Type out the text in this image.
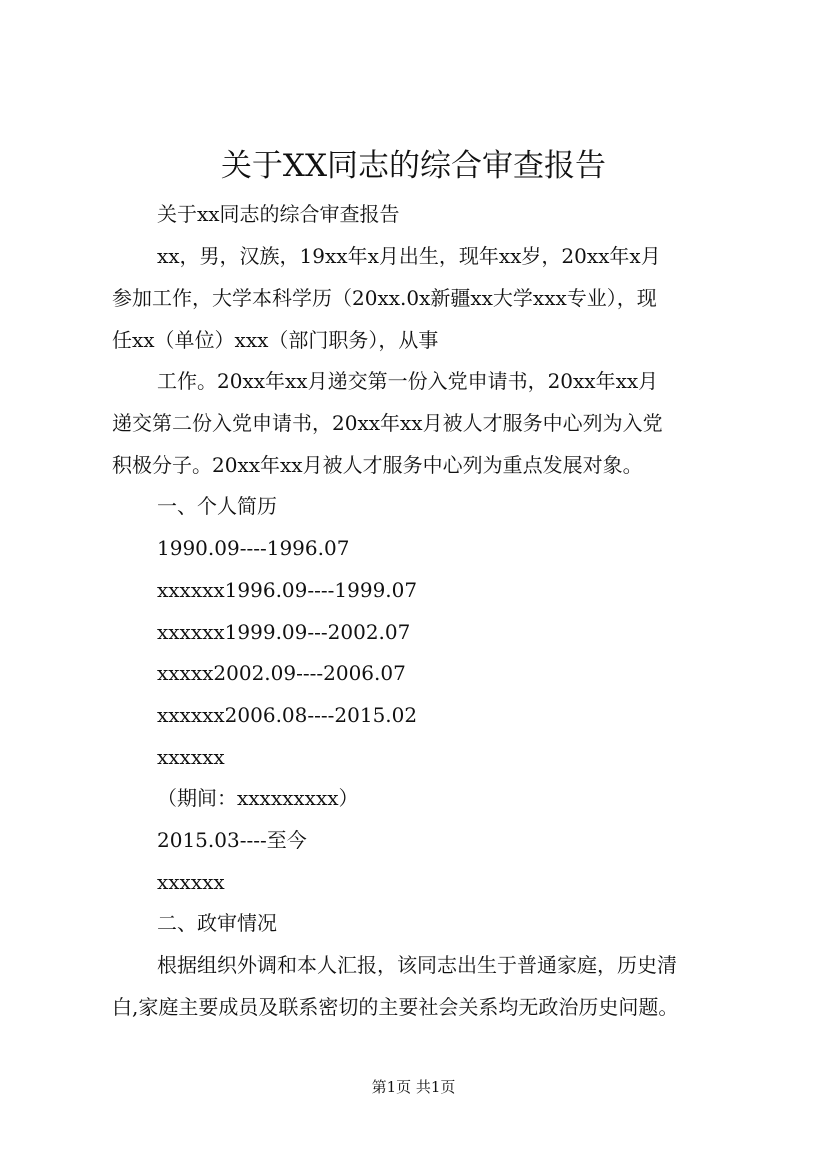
关于XX同志的综合审查报告
关于xx同志的综合审查报告
xx，男，汉族，19xx年x月出生，现年xx岁，20xx年x月
参加工作，大学本科学历（20xx.0x新疆xx大学xxx专业），现
任xx（单位）xxx（部门职务），从事
工作。20xx年xx月递交第一份入党申请书，20xx年xx月
递交第二份入党申请书，20xx年xx月被人才服务中心列为入党
积极分子。20xx年xx月被人才服务中心列为重点发展对象。
一、个人简历
1990.09----1996.07
xxxxxx1996.09----1999.07
xxxxxx1999.09---2002.07
xxxxx2002.09----2006.07
xxxxxx2006.08----2015.02
xxxxxx
（期间：xxxxxxxxx）
2015.03----至今
xxxxxx
二、政审情况
根据组织外调和本人汇报，该同志出生于普通家庭，历史清
白,家庭主要成员及联系密切的主要社会关系均无政治历史问题。
第1页 共1页
